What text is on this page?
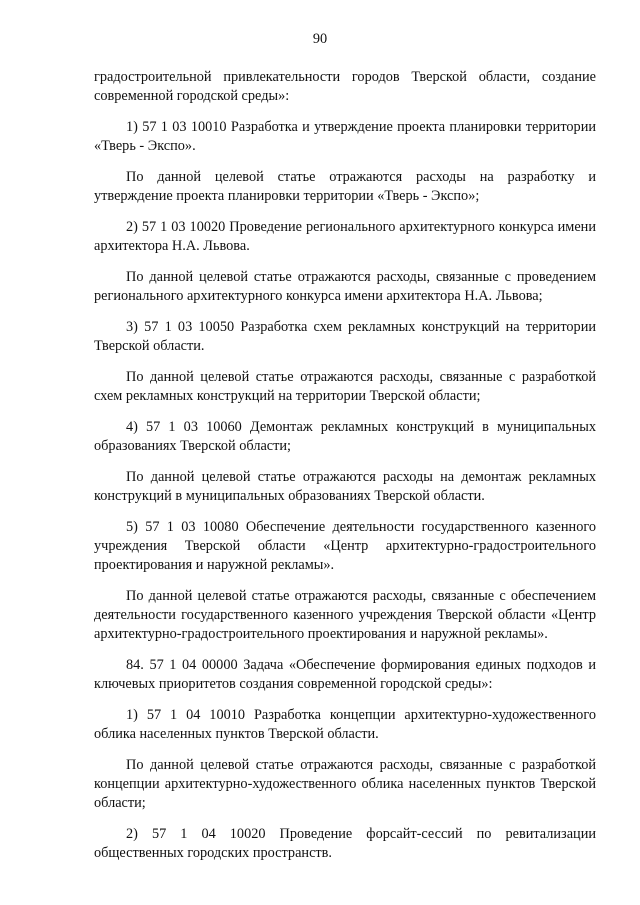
90

градостроительной привлекательности городов Тверской области, создание современной городской среды»:

1) 57 1 03 10010 Разработка и утверждение проекта планировки территории «Тверь - Экспо».

По данной целевой статье отражаются расходы на разработку и утверждение проекта планировки территории «Тверь - Экспо»;

2) 57 1 03 10020 Проведение регионального архитектурного конкурса имени архитектора Н.А. Львова.

По данной целевой статье отражаются расходы, связанные с проведением регионального архитектурного конкурса имени архитектора Н.А. Львова;

3) 57 1 03 10050 Разработка схем рекламных конструкций на территории Тверской области.

По данной целевой статье отражаются расходы, связанные с разработкой схем рекламных конструкций на территории Тверской области;

4) 57 1 03 10060 Демонтаж рекламных конструкций в муниципальных образованиях Тверской области;

По данной целевой статье отражаются расходы на демонтаж рекламных конструкций в муниципальных образованиях Тверской области.

5) 57 1 03 10080 Обеспечение деятельности государственного казенного учреждения Тверской области «Центр архитектурно-градостроительного проектирования и наружной рекламы».

По данной целевой статье отражаются расходы, связанные с обеспечением деятельности государственного казенного учреждения Тверской области «Центр архитектурно-градостроительного проектирования и наружной рекламы».

84. 57 1 04 00000 Задача «Обеспечение формирования единых подходов и ключевых приоритетов создания современной городской среды»:

1) 57 1 04 10010 Разработка концепции архитектурно-художественного облика населенных пунктов Тверской области.

По данной целевой статье отражаются расходы, связанные с разработкой концепции архитектурно-художественного облика населенных пунктов Тверской области;

2) 57 1 04 10020 Проведение форсайт-сессий по ревитализации общественных городских пространств.
